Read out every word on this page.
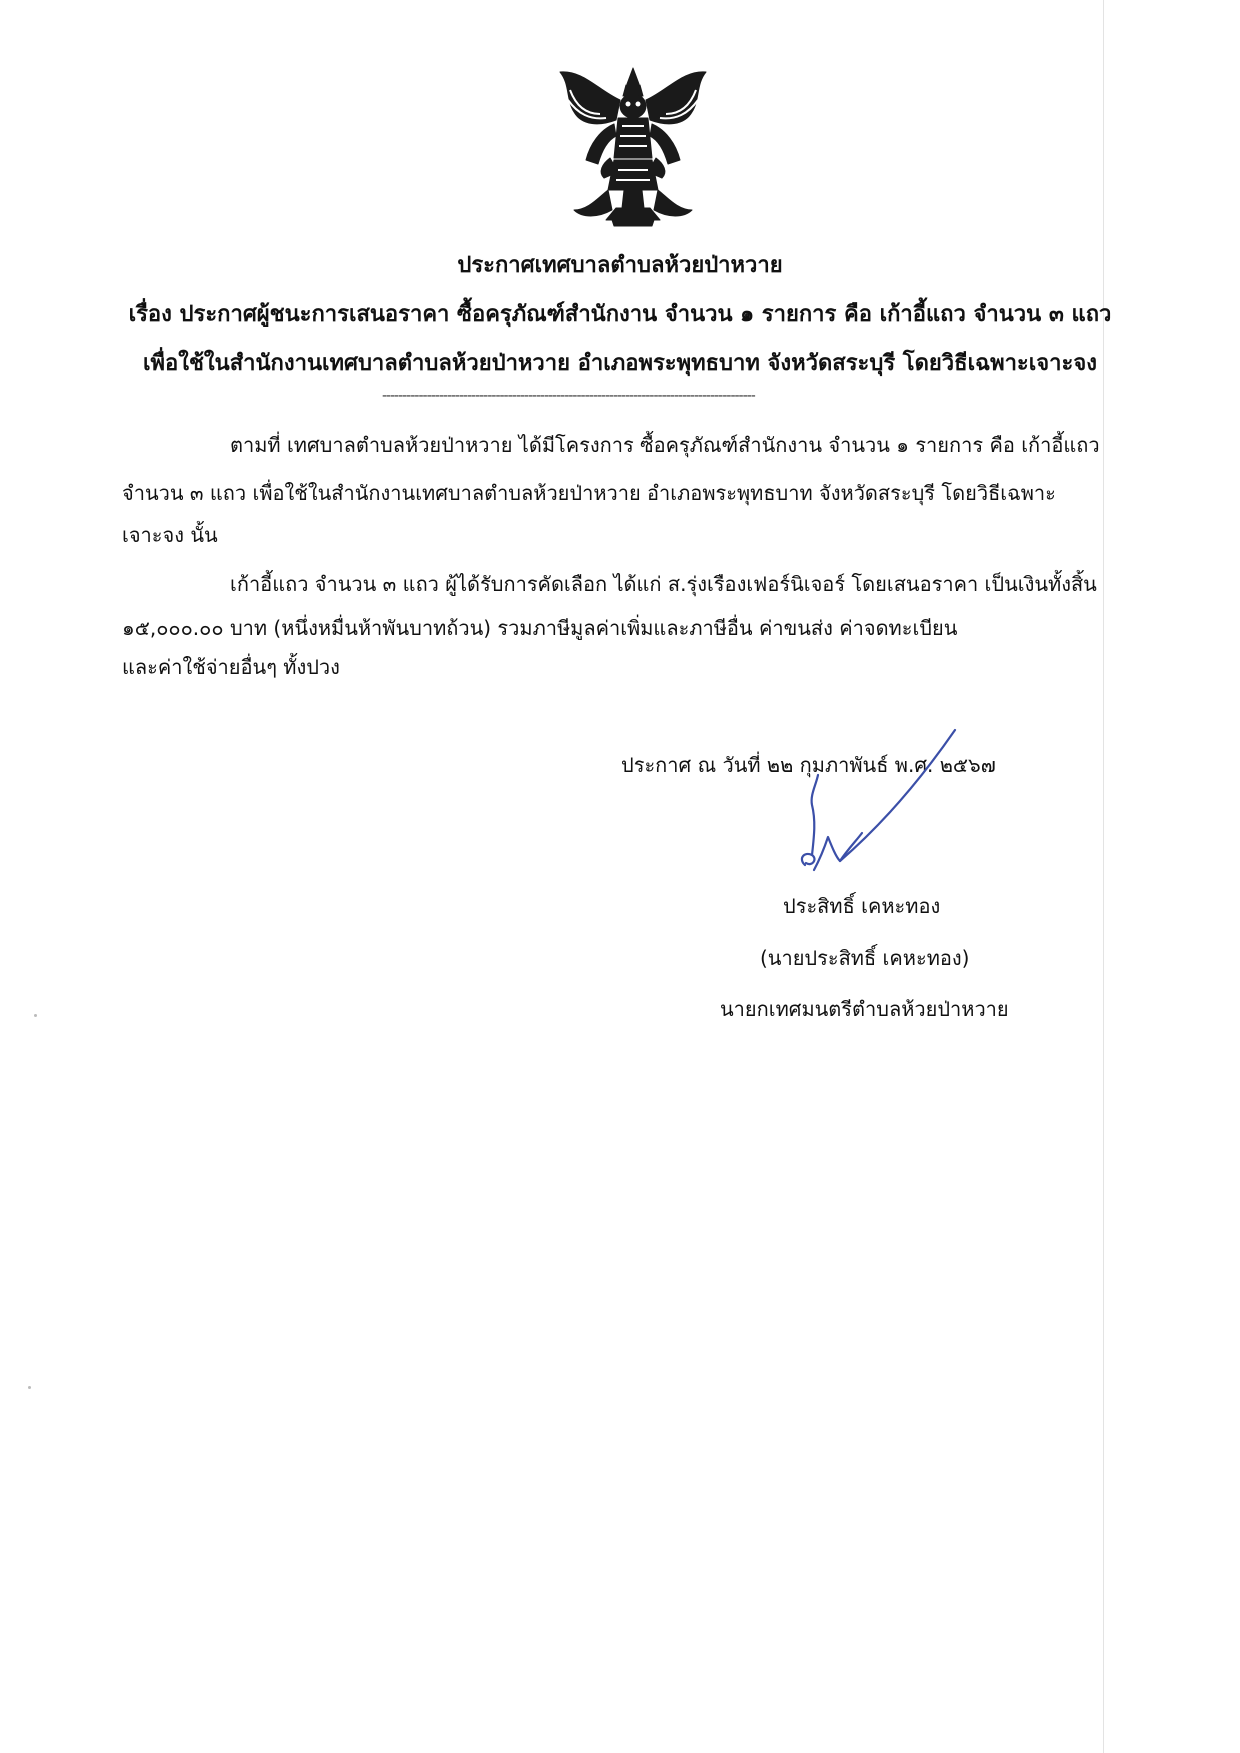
ประกาศเทศบาลตำบลห้วยป่าหวาย
เรื่อง ประกาศผู้ชนะการเสนอราคา ซื้อครุภัณฑ์สำนักงาน จำนวน ๑ รายการ คือ เก้าอี้แถว จำนวน ๓ แถว
เพื่อใช้ในสำนักงานเทศบาลตำบลห้วยป่าหวาย อำเภอพระพุทธบาท จังหวัดสระบุรี โดยวิธีเฉพาะเจาะจง
--------------------------------------------------------------------------------------------
ตามที่ เทศบาลตำบลห้วยป่าหวาย ได้มีโครงการ ซื้อครุภัณฑ์สำนักงาน จำนวน ๑ รายการ คือ เก้าอี้แถว
จำนวน ๓ แถว เพื่อใช้ในสำนักงานเทศบาลตำบลห้วยป่าหวาย อำเภอพระพุทธบาท จังหวัดสระบุรี โดยวิธีเฉพาะ
เจาะจง นั้น
เก้าอี้แถว จำนวน ๓ แถว ผู้ได้รับการคัดเลือก ได้แก่ ส.รุ่งเรืองเฟอร์นิเจอร์ โดยเสนอราคา เป็นเงินทั้งสิ้น
๑๕,๐๐๐.๐๐ บาท (หนึ่งหมื่นห้าพันบาทถ้วน) รวมภาษีมูลค่าเพิ่มและภาษีอื่น ค่าขนส่ง ค่าจดทะเบียน
และค่าใช้จ่ายอื่นๆ ทั้งปวง
ประกาศ ณ วันที่ ๒๒ กุมภาพันธ์ พ.ศ. ๒๕๖๗
ประสิทธิ์ เคหะทอง
(นายประสิทธิ์ เคหะทอง)
นายกเทศมนตรีตำบลห้วยป่าหวาย
